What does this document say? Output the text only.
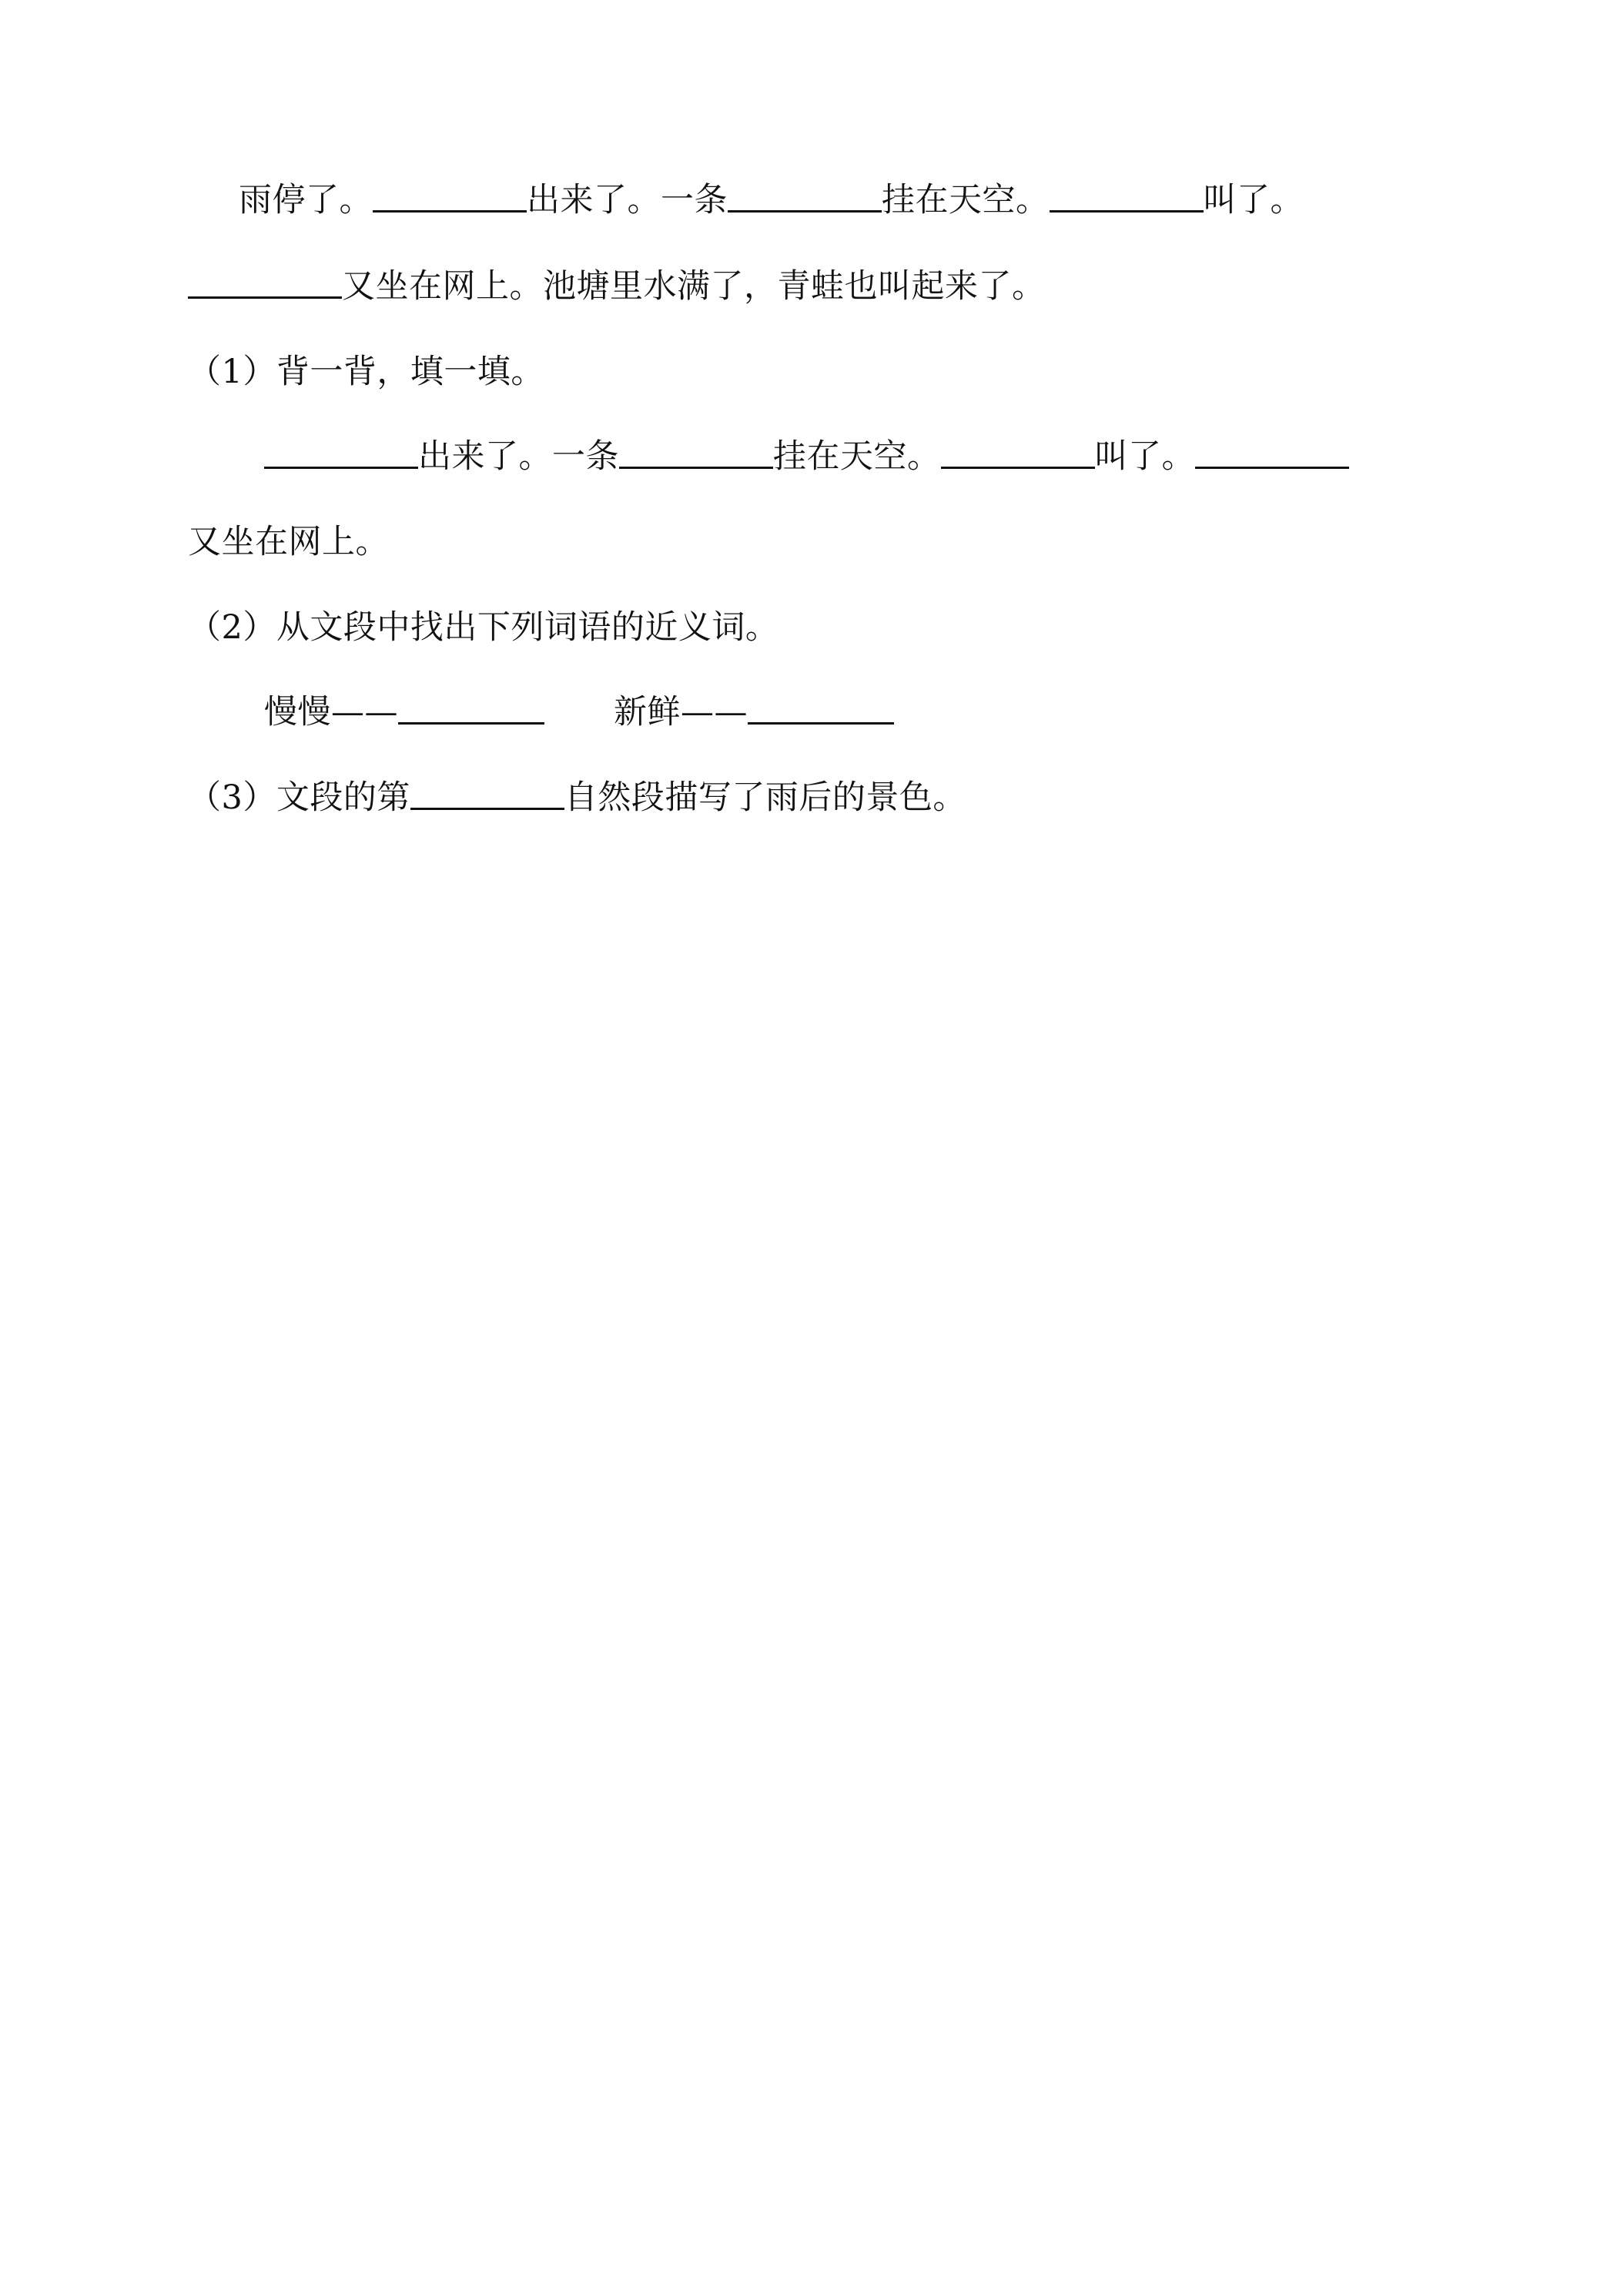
雨停了。	出来了。一条	挂在天空。	叫了。
又坐在网上。池塘里水满了，青蛙也叫起来了。
（1）背一背，填一填。
出来了。一条	挂在天空。	叫了。
又坐在网上。
（2）从文段中找出下列词语的近义词。
慢慢——	新鲜——
（3）文段的第	自然段描写了雨后的景色。
